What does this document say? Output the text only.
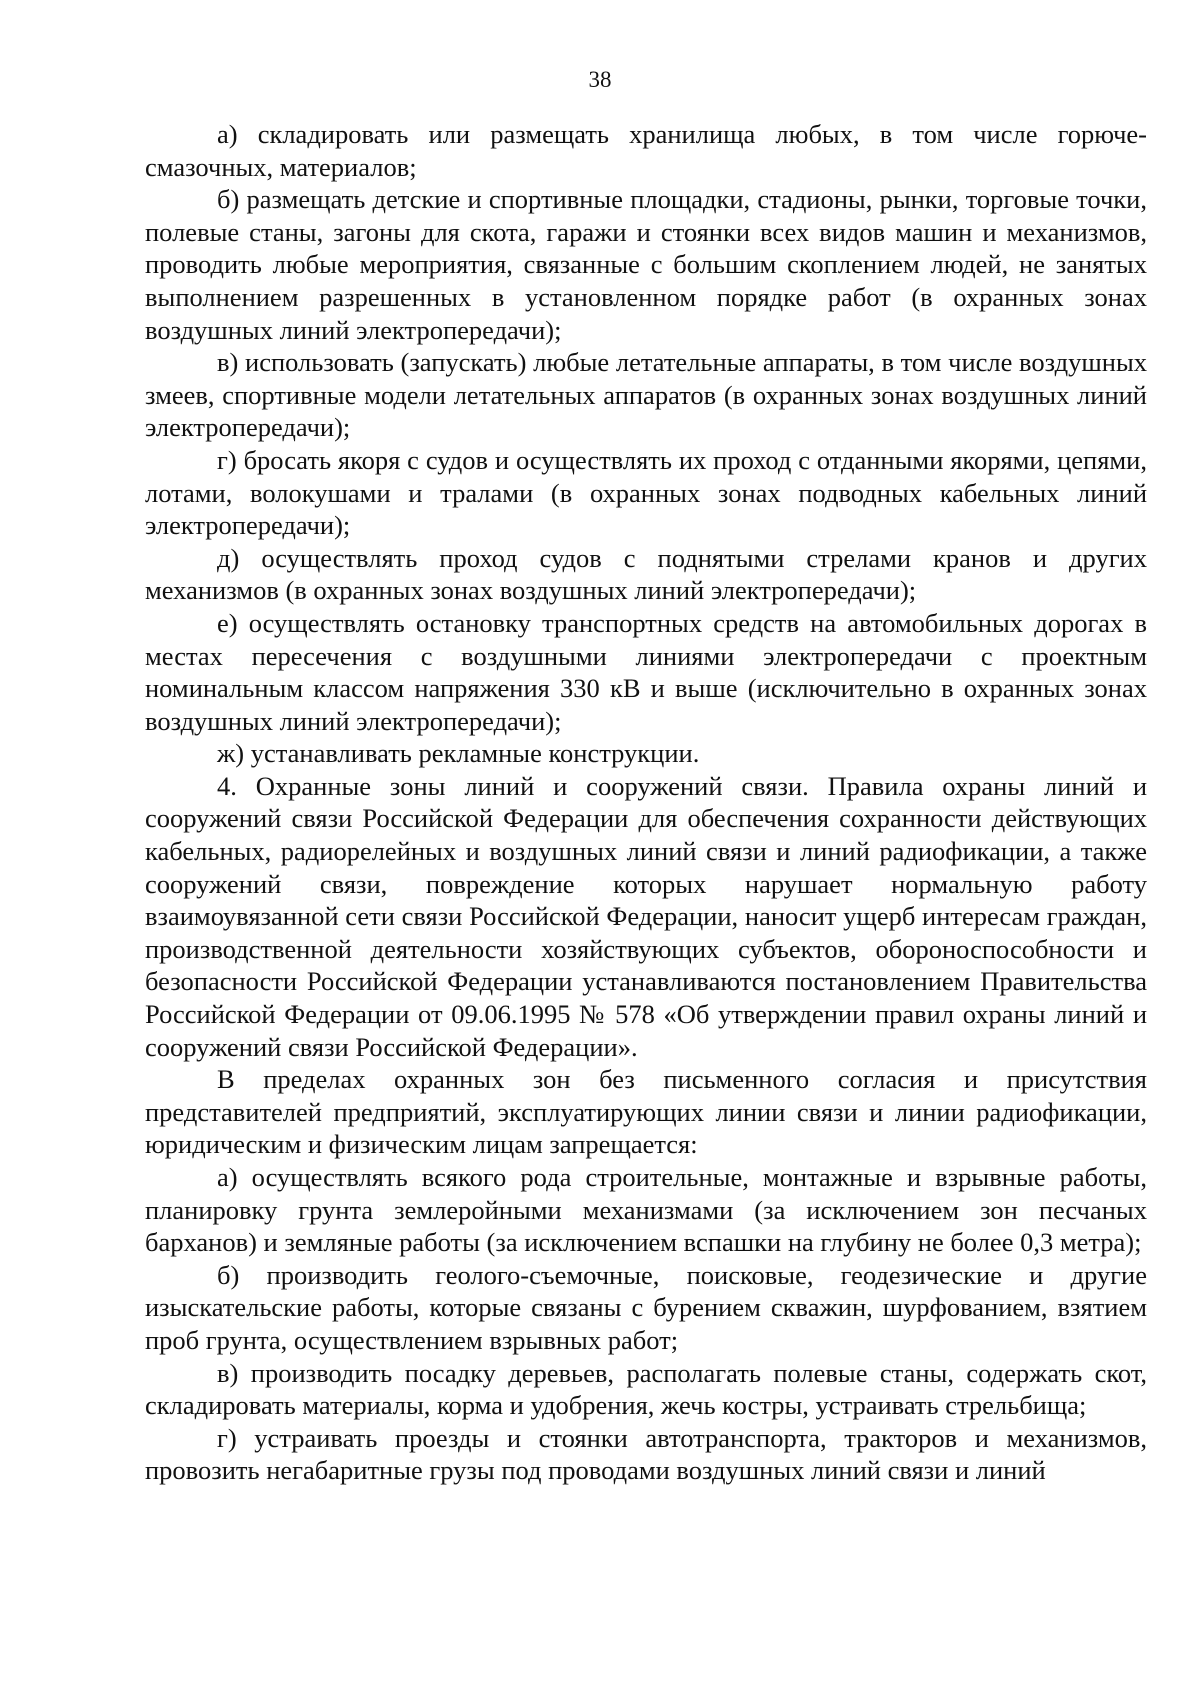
38

а) складировать или размещать хранилища любых, в том числе горюче-смазочных, материалов;

б) размещать детские и спортивные площадки, стадионы, рынки, торговые точки, полевые станы, загоны для скота, гаражи и стоянки всех видов машин и механизмов, проводить любые мероприятия, связанные с большим скоплением людей, не занятых выполнением разрешенных в установленном порядке работ (в охранных зонах воздушных линий электропередачи);

в) использовать (запускать) любые летательные аппараты, в том числе воздушных змеев, спортивные модели летательных аппаратов (в охранных зонах воздушных линий электропередачи);

г) бросать якоря с судов и осуществлять их проход с отданными якорями, цепями, лотами, волокушами и тралами (в охранных зонах подводных кабельных линий электропередачи);

д) осуществлять проход судов с поднятыми стрелами кранов и других механизмов (в охранных зонах воздушных линий электропередачи);

е) осуществлять остановку транспортных средств на автомобильных дорогах в местах пересечения с воздушными линиями электропередачи с проектным номинальным классом напряжения 330 кВ и выше (исключительно в охранных зонах воздушных линий электропередачи);

ж) устанавливать рекламные конструкции.

4. Охранные зоны линий и сооружений связи. Правила охраны линий и сооружений связи Российской Федерации для обеспечения сохранности действующих кабельных, радиорелейных и воздушных линий связи и линий радиофикации, а также сооружений связи, повреждение которых нарушает нормальную работу взаимоувязанной сети связи Российской Федерации, наносит ущерб интересам граждан, производственной деятельности хозяйствующих субъектов, обороноспособности и безопасности Российской Федерации устанавливаются постановлением Правительства Российской Федерации от 09.06.1995 № 578 «Об утверждении правил охраны линий и сооружений связи Российской Федерации».

В пределах охранных зон без письменного согласия и присутствия представителей предприятий, эксплуатирующих линии связи и линии радиофикации, юридическим и физическим лицам запрещается:

а) осуществлять всякого рода строительные, монтажные и взрывные работы, планировку грунта землеройными механизмами (за исключением зон песчаных барханов) и земляные работы (за исключением вспашки на глубину не более 0,3 метра);

б) производить геолого-съемочные, поисковые, геодезические и другие изыскательские работы, которые связаны с бурением скважин, шурфованием, взятием проб грунта, осуществлением взрывных работ;

в) производить посадку деревьев, располагать полевые станы, содержать скот, складировать материалы, корма и удобрения, жечь костры, устраивать стрельбища;

г) устраивать проезды и стоянки автотранспорта, тракторов и механизмов, провозить негабаритные грузы под проводами воздушных линий связи и линий
